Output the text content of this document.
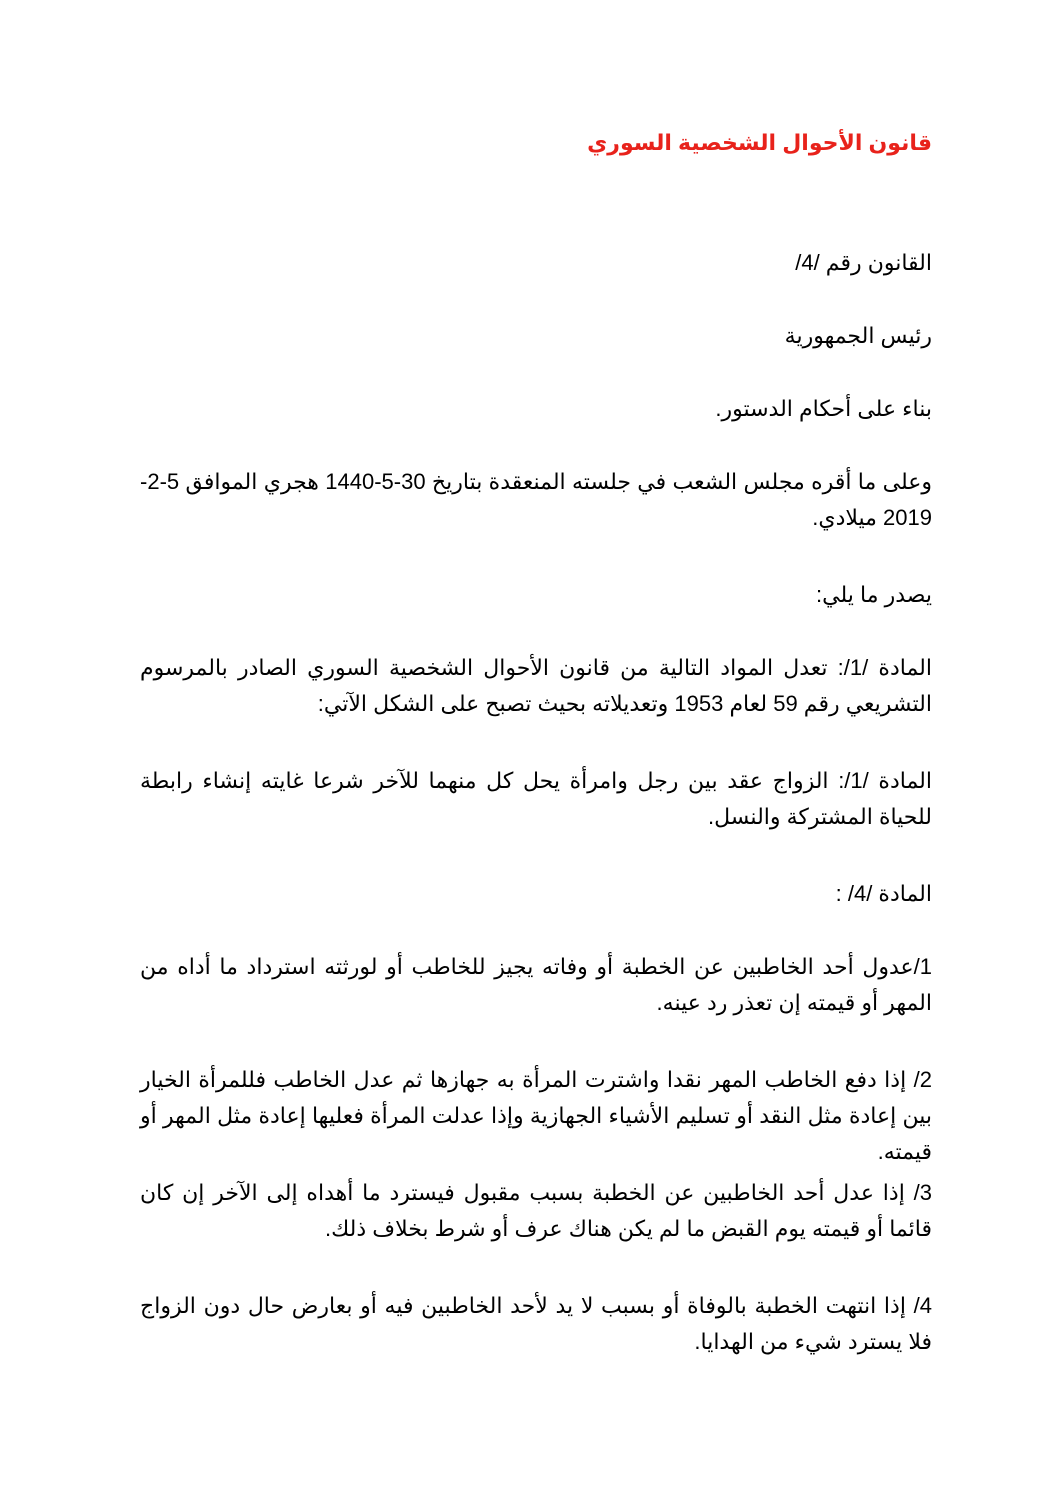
قانون الأحوال الشخصية السوري

القانون رقم /4/

رئيس الجمهورية

بناء على أحكام الدستور.

وعلى ما أقره مجلس الشعب في جلسته المنعقدة بتاريخ 30-5-1440 هجري الموافق 5-2-2019 ميلادي.

يصدر ما يلي:

المادة /1/: تعدل المواد التالية من قانون الأحوال الشخصية السوري الصادر بالمرسوم التشريعي رقم 59 لعام 1953 وتعديلاته بحيث تصبح على الشكل الآتي:

المادة /1/: الزواج عقد بين رجل وامرأة يحل كل منهما للآخر شرعا غايته إنشاء رابطة للحياة المشتركة والنسل.

المادة /4/ :

1/عدول أحد الخاطبين عن الخطبة أو وفاته يجيز للخاطب أو لورثته استرداد ما أداه من المهر أو قيمته إن تعذر رد عينه.

2/ إذا دفع الخاطب المهر نقدا واشترت المرأة به جهازها ثم عدل الخاطب فللمرأة الخيار بين إعادة مثل النقد أو تسليم الأشياء الجهازية وإذا عدلت المرأة فعليها إعادة مثل المهر أو قيمته.

3/ إذا عدل أحد الخاطبين عن الخطبة بسبب مقبول فيسترد ما أهداه إلى الآخر إن كان قائما أو قيمته يوم القبض ما لم يكن هناك عرف أو شرط بخلاف ذلك.

4/ إذا انتهت الخطبة بالوفاة أو بسبب لا يد لأحد الخاطبين فيه أو بعارض حال دون الزواج فلا يسترد شيء من الهدايا.
